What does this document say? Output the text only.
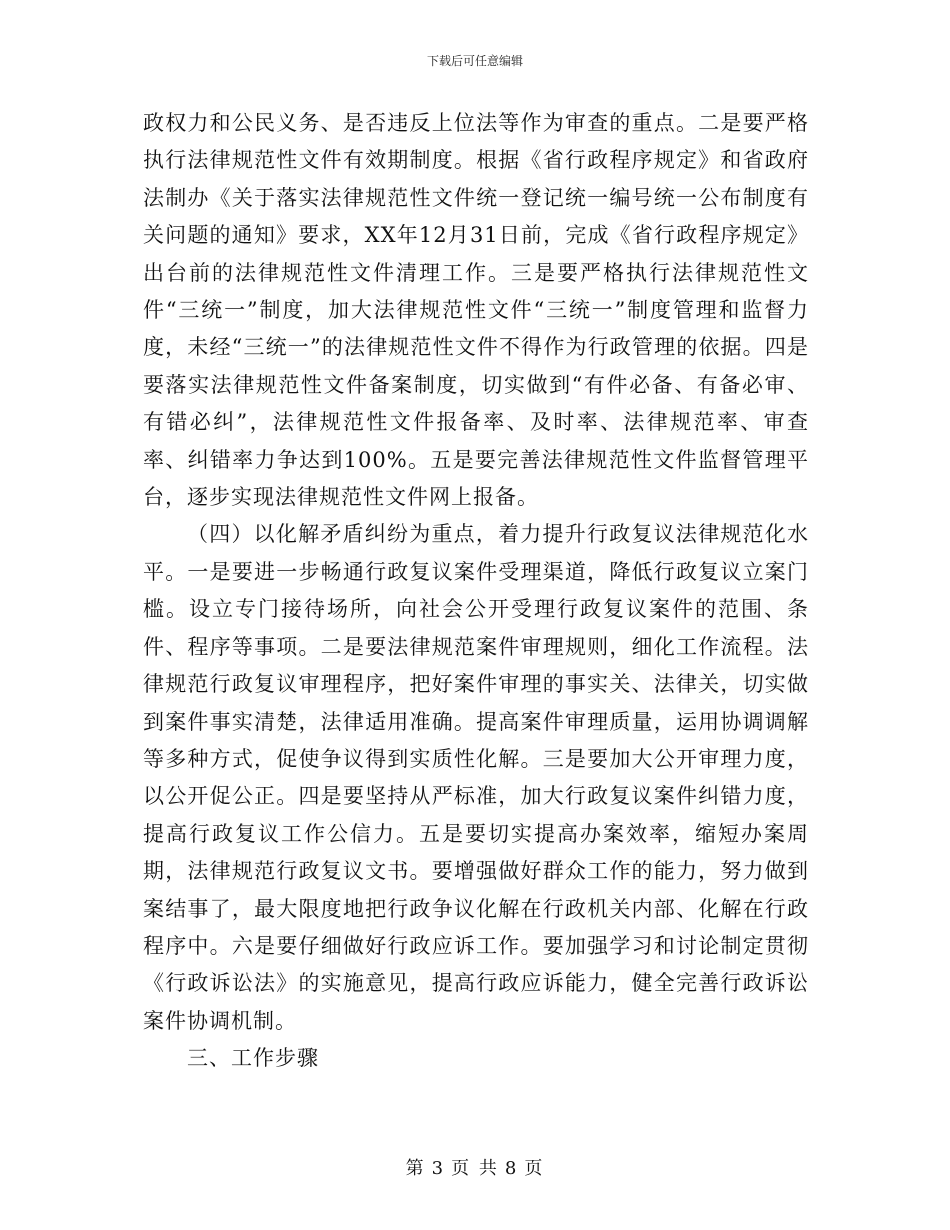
下载后可任意编辑

政权力和公民义务、是否违反上位法等作为审查的重点。二是要严格执行法律规范性文件有效期制度。根据《省行政程序规定》和省政府法制办《关于落实法律规范性文件统一登记统一编号统一公布制度有关问题的通知》要求，XX年12月31日前，完成《省行政程序规定》出台前的法律规范性文件清理工作。三是要严格执行法律规范性文件“三统一”制度，加大法律规范性文件“三统一”制度管理和监督力度，未经“三统一”的法律规范性文件不得作为行政管理的依据。四是要落实法律规范性文件备案制度，切实做到“有件必备、有备必审、有错必纠”，法律规范性文件报备率、及时率、法律规范率、审查率、纠错率力争达到100%。五是要完善法律规范性文件监督管理平台，逐步实现法律规范性文件网上报备。

（四）以化解矛盾纠纷为重点，着力提升行政复议法律规范化水平。一是要进一步畅通行政复议案件受理渠道，降低行政复议立案门槛。设立专门接待场所，向社会公开受理行政复议案件的范围、条件、程序等事项。二是要法律规范案件审理规则，细化工作流程。法律规范行政复议审理程序，把好案件审理的事实关、法律关，切实做到案件事实清楚，法律适用准确。提高案件审理质量，运用协调调解等多种方式，促使争议得到实质性化解。三是要加大公开审理力度，以公开促公正。四是要坚持从严标准，加大行政复议案件纠错力度，提高行政复议工作公信力。五是要切实提高办案效率，缩短办案周期，法律规范行政复议文书。要增强做好群众工作的能力，努力做到案结事了，最大限度地把行政争议化解在行政机关内部、化解在行政程序中。六是要仔细做好行政应诉工作。要加强学习和讨论制定贯彻《行政诉讼法》的实施意见，提高行政应诉能力，健全完善行政诉讼案件协调机制。

三、工作步骤

第 3 页 共 8 页
